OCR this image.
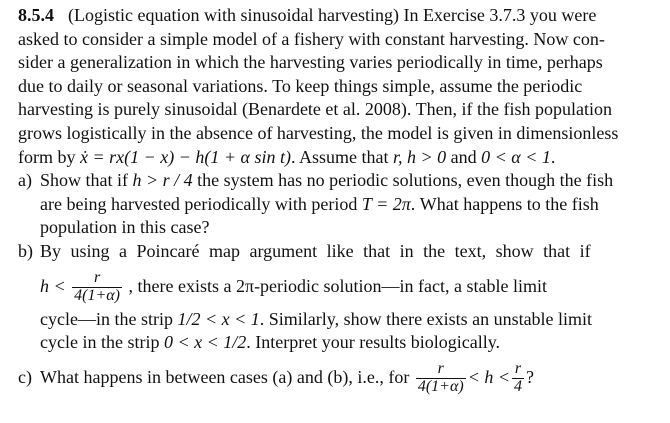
8.5.4 (Logistic equation with sinusoidal harvesting) In Exercise 3.7.3 you were
asked to consider a simple model of a fishery with constant harvesting. Now con-
sider a generalization in which the harvesting varies periodically in time, perhaps
due to daily or seasonal variations. To keep things simple, assume the periodic
harvesting is purely sinusoidal (Benardete et al. 2008). Then, if the fish population
grows logistically in the absence of harvesting, the model is given in dimensionless
form by ẋ = rx(1 − x) − h(1 + α sin t). Assume that r, h > 0 and 0 < α < 1.
a) Show that if h > r / 4 the system has no periodic solutions, even though the fish
are being harvested periodically with period T = 2π. What happens to the fish
population in this case?
b) By using a Poincaré map argument like that in the text, show that if
$h < \frac{r}{4(1+\alpha)}$ , there exists a 2π-periodic solution—in fact, a stable limit
cycle—in the strip 1/2 < x < 1. Similarly, show there exists an unstable limit
cycle in the strip 0 < x < 1/2. Interpret your results biologically.
c) What happens in between cases (a) and (b), i.e., for $\frac{r}{4(1+\alpha)} < h < \frac{r}{4}$ ?
